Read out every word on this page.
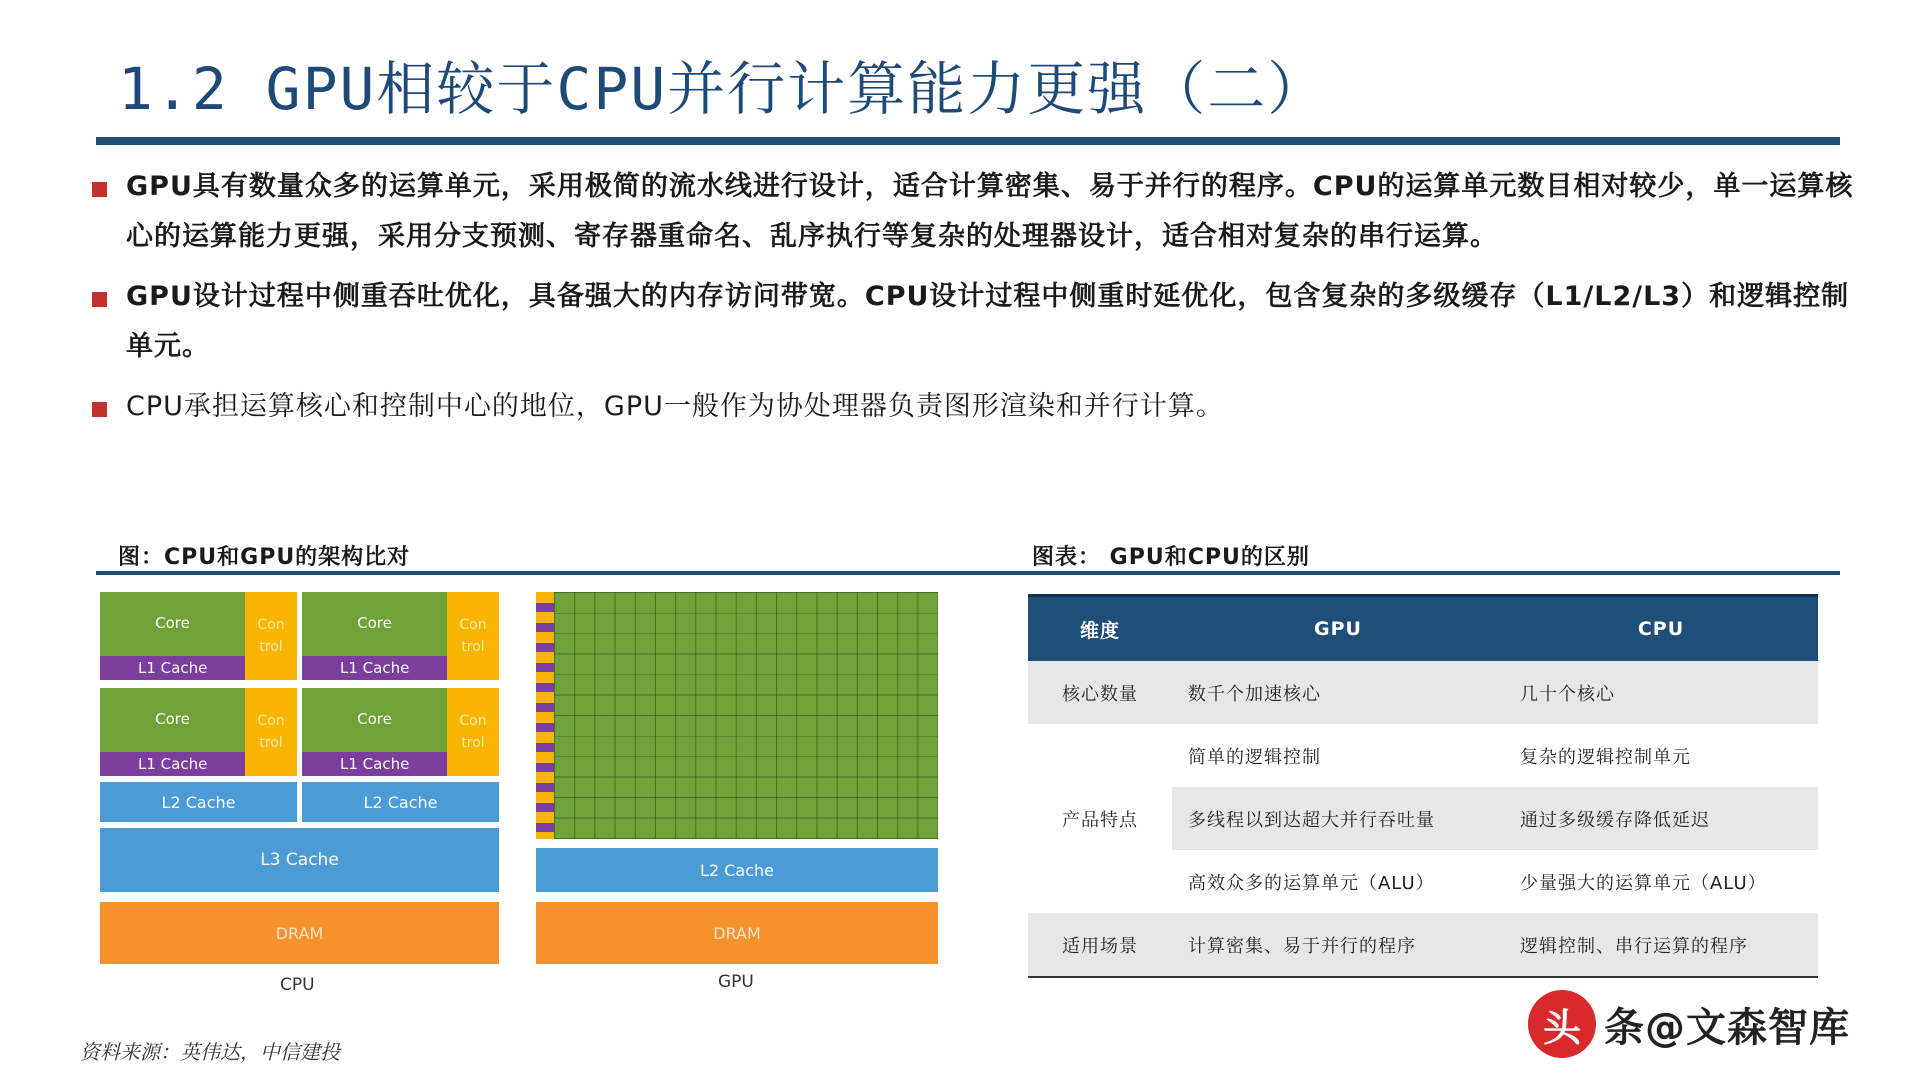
1.2 GPU相较于CPU并行计算能力更强（二）
GPU具有数量众多的运算单元，采用极简的流水线进行设计，适合计算密集、易于并行的程序。CPU的运算单元数目相对较少，单一运算核心的运算能力更强，采用分支预测、寄存器重命名、乱序执行等复杂的处理器设计，适合相对复杂的串行运算。
GPU设计过程中侧重吞吐优化，具备强大的内存访问带宽。CPU设计过程中侧重时延优化，包含复杂的多级缓存（L1/L2/L3）和逻辑控制单元。
CPU承担运算核心和控制中心的地位，GPU一般作为协处理器负责图形渲染和并行计算。
图：CPU和GPU的架构比对	图表： GPU和CPU的区别
Core	Con
trol
L1 Cache
Core	Con
trol
L1 Cache
Core	Con
trol
L1 Cache
Core	Con
trol
L1 Cache
L2 Cache	L2 Cache
L3 Cache
DRAM
CPU
L2 Cache
DRAM
GPU
维度	GPU	CPU
核心数量	数千个加速核心	几十个核心
产品特点	简单的逻辑控制	复杂的逻辑控制单元
	多线程以到达超大并行吞吐量	通过多级缓存降低延迟
	高效众多的运算单元（ALU）	少量强大的运算单元（ALU）
适用场景	计算密集、易于并行的程序	逻辑控制、串行运算的程序
资料来源：英伟达，中信建投
头 条@文森智库
